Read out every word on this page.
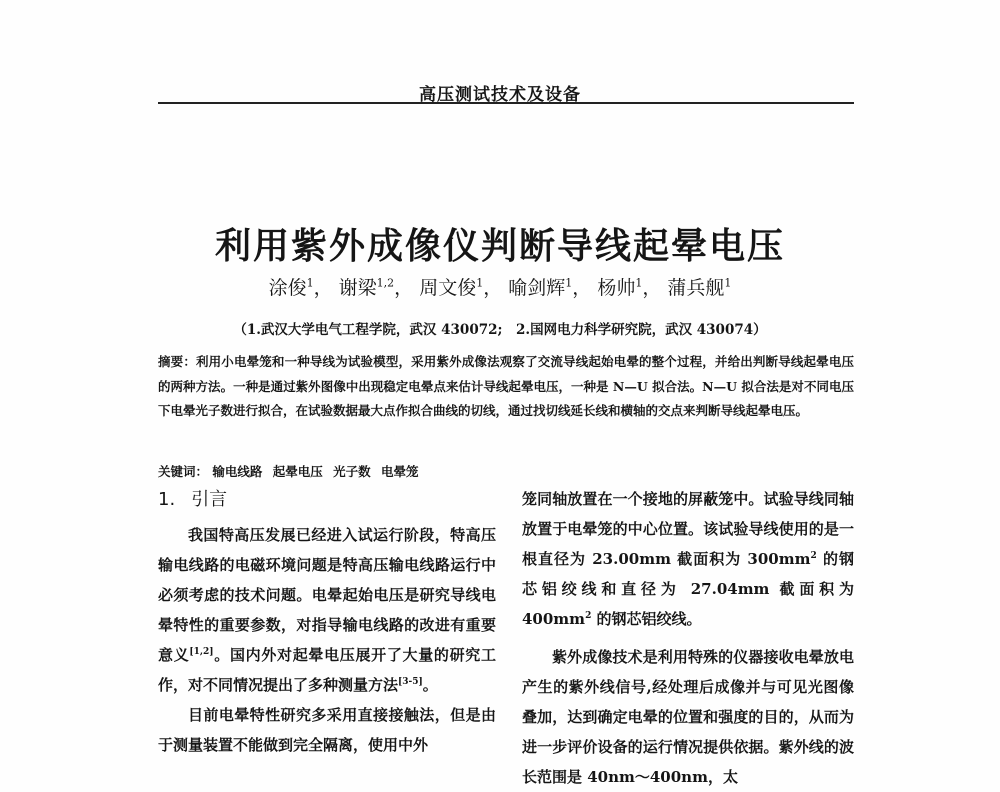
高压测试技术及设备
利用紫外成像仪判断导线起晕电压
涂俊$^1$， 谢梁$^{1,2}$， 周文俊$^1$， 喻剑辉$^1$， 杨帅$^1$， 蒲兵舰$^1$
（1.武汉大学电气工程学院，武汉 430072;　2.国网电力科学研究院，武汉 430074）
摘要：利用小电晕笼和一种导线为试验模型，采用紫外成像法观察了交流导线起始电晕的整个过程，并给出判断导线起晕电压的两种方法。一种是通过紫外图像中出现稳定电晕点来估计导线起晕电压，一种是 N—U 拟合法。N—U 拟合法是对不同电压下电晕光子数进行拟合，在试验数据最大点作拟合曲线的切线，通过找切线延长线和横轴的交点来判断导线起晕电压。
关键词： 输电线路 起晕电压 光子数 电晕笼
1. 引言

我国特高压发展已经进入试运行阶段，特高压输电线路的电磁环境问题是特高压输电线路运行中必须考虑的技术问题。电晕起始电压是研究导线电晕特性的重要参数，对指导输电线路的改进有重要意义[1,2]。国内外对起晕电压展开了大量的研究工作，对不同情况提出了多种测量方法[3-5]。

目前电晕特性研究多采用直接接触法，但是由于测量装置不能做到完全隔离，使用中外

笼同轴放置在一个接地的屏蔽笼中。试验导线同轴放置于电晕笼的中心位置。该试验导线使用的是一根直径为 23.00mm 截面积为 $300mm^2$ 的钢芯铝绞线和直径为 27.04mm 截面积为 $400mm^2$ 的钢芯铝绞线。

紫外成像技术是利用特殊的仪器接收电晕放电产生的紫外线信号,经处理后成像并与可见光图像叠加，达到确定电晕的位置和强度的目的，从而为进一步评价设备的运行情况提供依据。紫外线的波长范围是 40nm～400nm，太
